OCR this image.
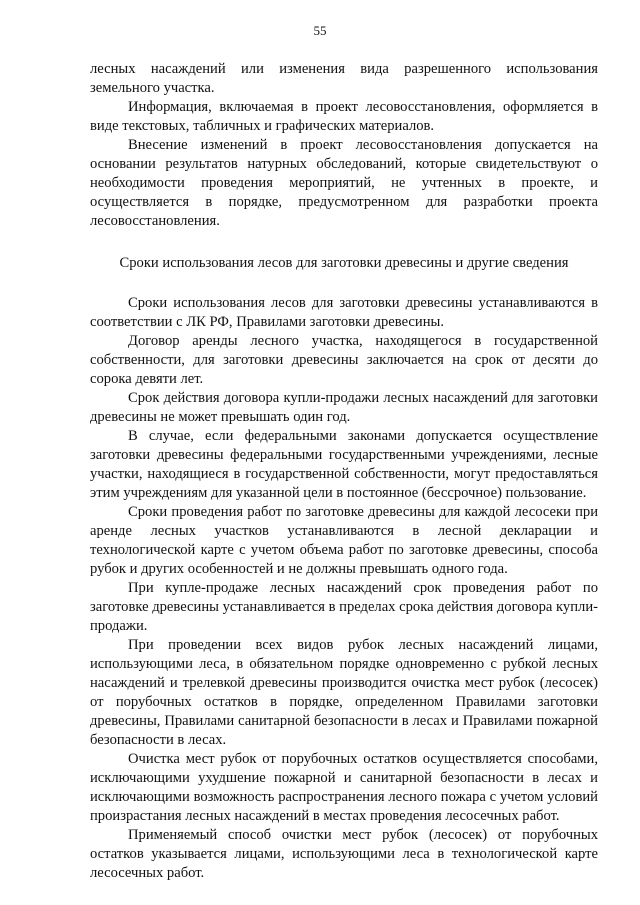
55

лесных насаждений или изменения вида разрешенного использования земельного участка.

Информация, включаемая в проект лесовосстановления, оформляется в виде текстовых, табличных и графических материалов.

Внесение изменений в проект лесовосстановления допускается на основании результатов натурных обследований, которые свидетельствуют о необходимости проведения мероприятий, не учтенных в проекте, и осуществляется в порядке, предусмотренном для разработки проекта лесовосстановления.

Сроки использования лесов для заготовки древесины и другие сведения

Сроки использования лесов для заготовки древесины устанавливаются в соответствии с ЛК РФ, Правилами заготовки древесины.

Договор аренды лесного участка, находящегося в государственной собственности, для заготовки древесины заключается на срок от десяти до сорока девяти лет.

Срок действия договора купли-продажи лесных насаждений для заготовки древесины не может превышать один год.

В случае, если федеральными законами допускается осуществление заготовки древесины федеральными государственными учреждениями, лесные участки, находящиеся в государственной собственности, могут предоставляться этим учреждениям для указанной цели в постоянное (бессрочное) пользование.

Сроки проведения работ по заготовке древесины для каждой лесосеки при аренде лесных участков устанавливаются в лесной декларации и технологической карте с учетом объема работ по заготовке древесины, способа рубок и других особенностей и не должны превышать одного года.

При купле-продаже лесных насаждений срок проведения работ по заготовке древесины устанавливается в пределах срока действия договора купли-продажи.

При проведении всех видов рубок лесных насаждений лицами, использующими леса, в обязательном порядке одновременно с рубкой лесных насаждений и трелевкой древесины производится очистка мест рубок (лесосек) от порубочных остатков в порядке, определенном Правилами заготовки древесины, Правилами санитарной безопасности в лесах и Правилами пожарной безопасности в лесах.

Очистка мест рубок от порубочных остатков осуществляется способами, исключающими ухудшение пожарной и санитарной безопасности в лесах и исключающими возможность распространения лесного пожара с учетом условий произрастания лесных насаждений в местах проведения лесосечных работ.

Применяемый способ очистки мест рубок (лесосек) от порубочных остатков указывается лицами, использующими леса в технологической карте лесосечных работ.
